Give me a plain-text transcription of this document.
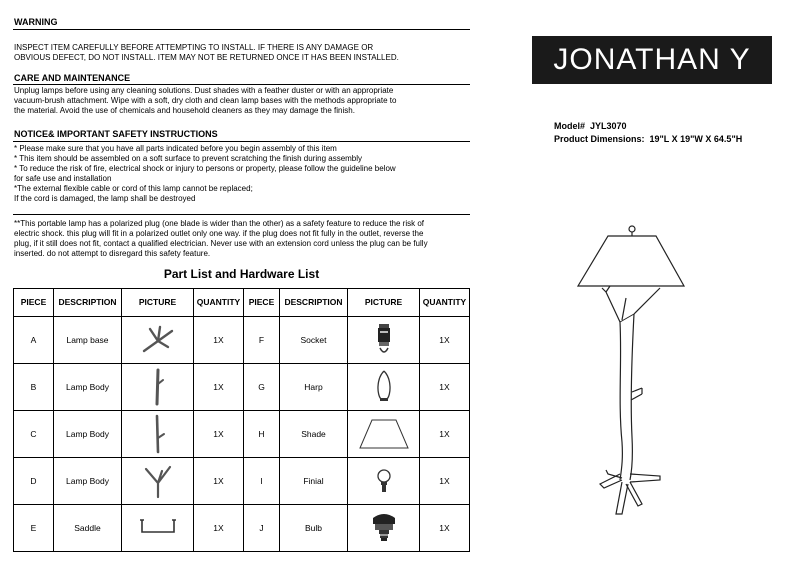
WARNING
INSPECT ITEM CAREFULLY BEFORE ATTEMPTING TO INSTALL. IF THERE IS ANY DAMAGE OR
OBVIOUS DEFECT, DO NOT INSTALL. ITEM MAY NOT BE RETURNED ONCE IT HAS BEEN INSTALLED.
CARE AND MAINTENANCE
Unplug lamps before using any cleaning solutions. Dust shades with a feather duster or with an appropriate
vacuum-brush attachment. Wipe with a soft, dry cloth and clean lamp bases with the methods appropriate to
the material. Avoid the use of chemicals and household cleaners as they may damage the finish.
NOTICE& IMPORTANT SAFETY INSTRUCTIONS
* Please make sure that you have all parts indicated before you begin assembly of this item
* This item should be assembled on a soft surface to prevent scratching the finish during assembly
* To reduce the risk of fire, electrical shock or injury to persons or property, please follow the guideline below
for safe use and installation
*The external flexible cable or cord of this lamp cannot be replaced;
If the cord is damaged, the lamp shall be destroyed
**This portable lamp has a polarized plug (one blade is wider than the other) as a safety feature to reduce the risk of
electric shock. this plug will fit in a polarized outlet only one way. if the plug does not fit fully in the outlet, reverse the
plug, if it still does not fit, contact a qualified electrician. Never use with an extension cord unless the plug can be fully
inserted. do not attempt to disregard this safety feature.
Part List and Hardware List
PIECE	DESCRIPTION	PICTURE	QUANTITY	PIECE	DESCRIPTION	PICTURE	QUANTITY
A	Lamp base		1X	F	Socket		1X
B	Lamp Body		1X	G	Harp		1X
C	Lamp Body		1X	H	Shade		1X
D	Lamp Body		1X	I	Finial		1X
E	Saddle		1X	J	Bulb		1X
JONATHAN Y
Model# JYL3070
Product Dimensions: 19"L X 19"W X 64.5"H
